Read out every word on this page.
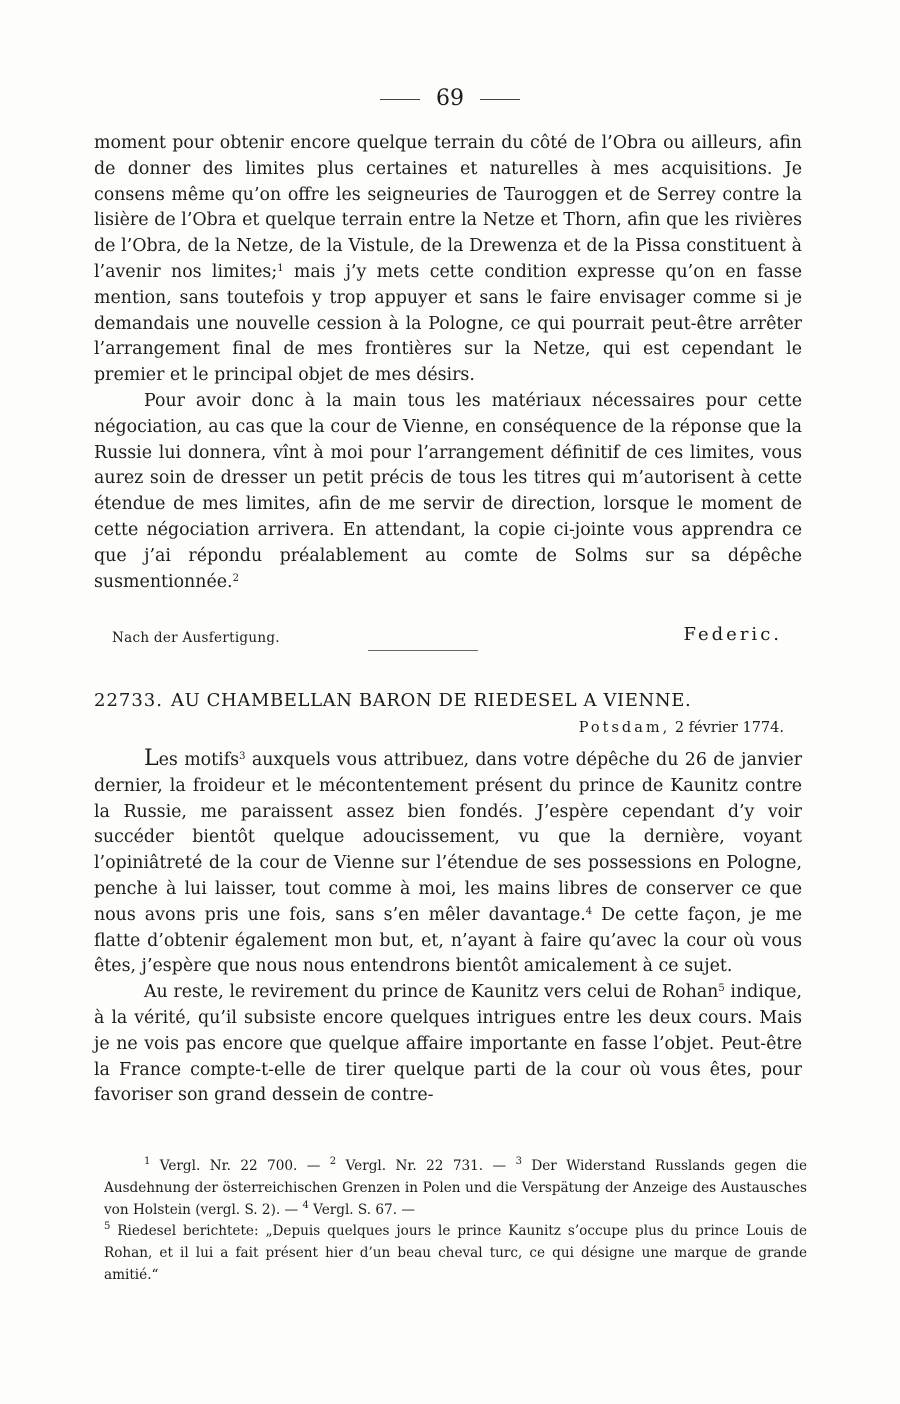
69

moment pour obtenir encore quelque terrain du côté de l’Obra ou ailleurs, afin de donner des limites plus certaines et naturelles à mes acquisitions. Je consens même qu’on offre les seigneuries de Tauroggen et de Serrey contre la lisière de l’Obra et quelque terrain entre la Netze et Thorn, afin que les rivières de l’Obra, de la Netze, de la Vistule, de la Drewenza et de la Pissa constituent à l’avenir nos limites;$^1$ mais j’y mets cette condition expresse qu’on en fasse mention, sans toutefois y trop appuyer et sans le faire envisager comme si je demandais une nouvelle cession à la Pologne, ce qui pourrait peut-être arrêter l’arrangement final de mes frontières sur la Netze, qui est cependant le premier et le principal objet de mes désirs.

Pour avoir donc à la main tous les matériaux nécessaires pour cette négociation, au cas que la cour de Vienne, en conséquence de la réponse que la Russie lui donnera, vînt à moi pour l’arrangement définitif de ces limites, vous aurez soin de dresser un petit précis de tous les titres qui m’autorisent à cette étendue de mes limites, afin de me servir de direction, lorsque le moment de cette négociation arrivera. En attendant, la copie ci-jointe vous apprendra ce que j’ai répondu préalablement au comte de Solms sur sa dépêche susmentionnée.$^2$

Nach der Ausfertigung.	Federic.
22733. AU CHAMBELLAN BARON DE RIEDESEL A VIENNE.
Potsdam, 2 février 1774.

Les motifs$^3$ auxquels vous attribuez, dans votre dépêche du 26 de janvier dernier, la froideur et le mécontentement présent du prince de Kaunitz contre la Russie, me paraissent assez bien fondés. J’espère cependant d’y voir succéder bientôt quelque adoucissement, vu que la dernière, voyant l’opiniâtreté de la cour de Vienne sur l’étendue de ses possessions en Pologne, penche à lui laisser, tout comme à moi, les mains libres de conserver ce que nous avons pris une fois, sans s’en mêler davantage.$^4$ De cette façon, je me flatte d’obtenir également mon but, et, n’ayant à faire qu’avec la cour où vous êtes, j’espère que nous nous entendrons bientôt amicalement à ce sujet.

Au reste, le revirement du prince de Kaunitz vers celui de Rohan$^5$ indique, à la vérité, qu’il subsiste encore quelques intrigues entre les deux cours. Mais je ne vois pas encore que quelque affaire importante en fasse l’objet. Peut-être la France compte-t-elle de tirer quelque parti de la cour où vous êtes, pour favoriser son grand dessein de contre-

$^1$ Vergl. Nr. 22 700. — $^2$ Vergl. Nr. 22 731. — $^3$ Der Widerstand Russlands gegen die Ausdehnung der österreichischen Grenzen in Polen und die Verspätung der Anzeige des Austausches von Holstein (vergl. S. 2). — $^4$ Vergl. S. 67. —

$^5$ Riedesel berichtete: „Depuis quelques jours le prince Kaunitz s’occupe plus du prince Louis de Rohan, et il lui a fait présent hier d’un beau cheval turc, ce qui désigne une marque de grande amitié.“
